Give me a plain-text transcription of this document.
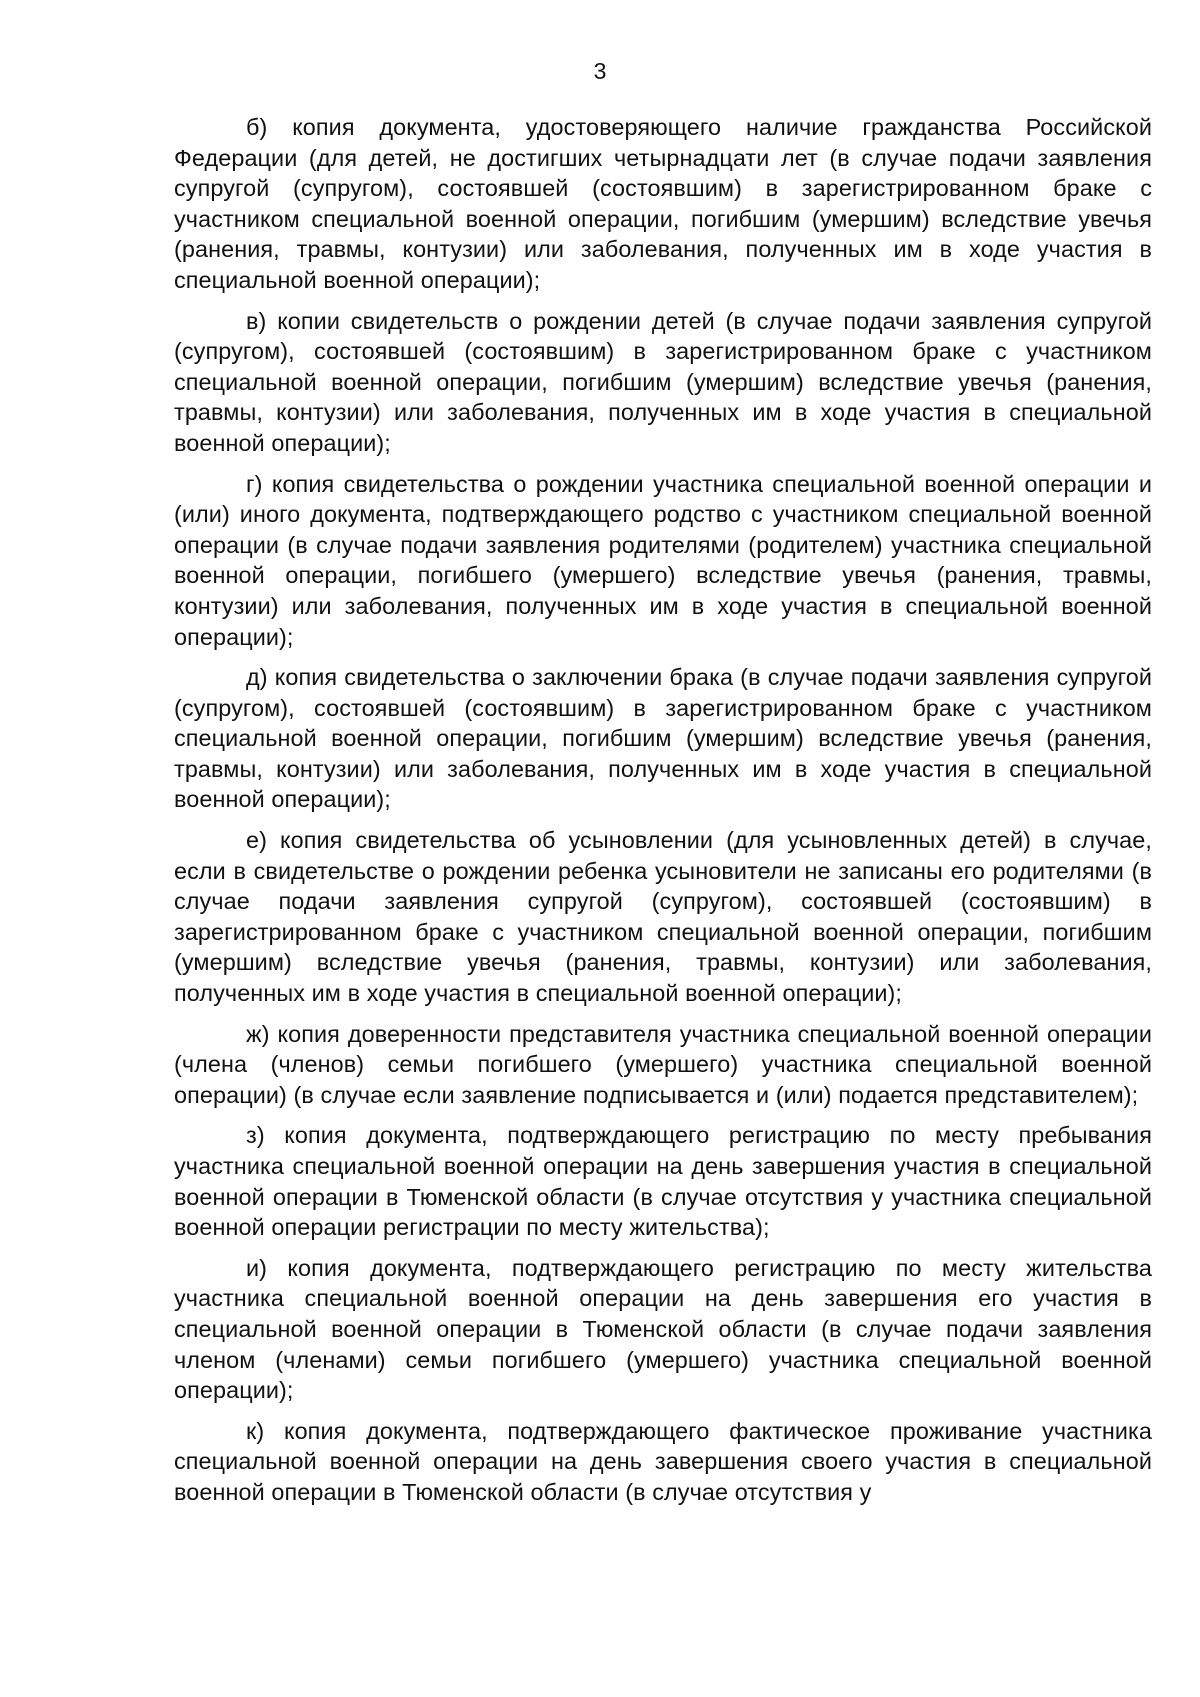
3

б) копия документа, удостоверяющего наличие гражданства Российской Федерации (для детей, не достигших четырнадцати лет (в случае подачи заявления супругой (супругом), состоявшей (состоявшим) в зарегистрированном браке с участником специальной военной операции, погибшим (умершим) вследствие увечья (ранения, травмы, контузии) или заболевания, полученных им в ходе участия в специальной военной операции);

в) копии свидетельств о рождении детей (в случае подачи заявления супругой (супругом), состоявшей (состоявшим) в зарегистрированном браке с участником специальной военной операции, погибшим (умершим) вследствие увечья (ранения, травмы, контузии) или заболевания, полученных им в ходе участия в специальной военной операции);

г) копия свидетельства о рождении участника специальной военной операции и (или) иного документа, подтверждающего родство с участником специальной военной операции (в случае подачи заявления родителями (родителем) участника специальной военной операции, погибшего (умершего) вследствие увечья (ранения, травмы, контузии) или заболевания, полученных им в ходе участия в специальной военной операции);

д) копия свидетельства о заключении брака (в случае подачи заявления супругой (супругом), состоявшей (состоявшим) в зарегистрированном браке с участником специальной военной операции, погибшим (умершим) вследствие увечья (ранения, травмы, контузии) или заболевания, полученных им в ходе участия в специальной военной операции);

е) копия свидетельства об усыновлении (для усыновленных детей) в случае, если в свидетельстве о рождении ребенка усыновители не записаны его родителями (в случае подачи заявления супругой (супругом), состоявшей (состоявшим) в зарегистрированном браке с участником специальной военной операции, погибшим (умершим) вследствие увечья (ранения, травмы, контузии) или заболевания, полученных им в ходе участия в специальной военной операции);

ж) копия доверенности представителя участника специальной военной операции (члена (членов) семьи погибшего (умершего) участника специальной военной операции) (в случае если заявление подписывается и (или) подается представителем);

з) копия документа, подтверждающего регистрацию по месту пребывания участника специальной военной операции на день завершения участия в специальной военной операции в Тюменской области (в случае отсутствия у участника специальной военной операции регистрации по месту жительства);

и) копия документа, подтверждающего регистрацию по месту жительства участника специальной военной операции на день завершения его участия в специальной военной операции в Тюменской области (в случае подачи заявления членом (членами) семьи погибшего (умершего) участника специальной военной операции);

к) копия документа, подтверждающего фактическое проживание участника специальной военной операции на день завершения своего участия в специальной военной операции в Тюменской области (в случае отсутствия у
